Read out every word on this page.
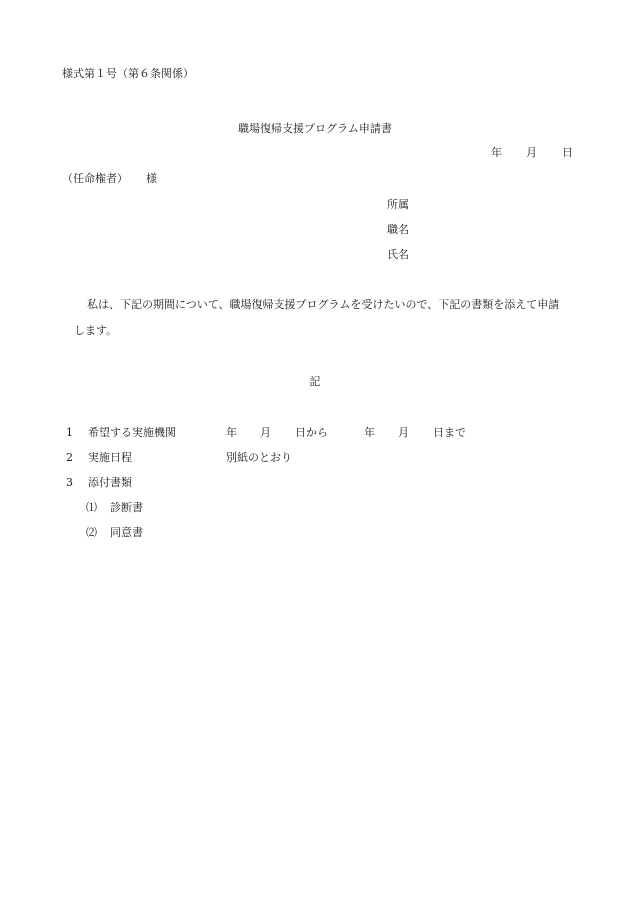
様式第１号（第６条関係）
職場復帰支援プログラム申請書
年 月 日
（任命権者） 様
所属
職名
氏名
私は、下記の期間について、職場復帰支援プログラムを受けたいので、下記の書類を添えて申請
します。
記
1 希望する実施機関	年 月 日から	年 月 日まで
2 実施日程	別紙のとおり
3 添付書類
⑴ 診断書
⑵ 同意書
